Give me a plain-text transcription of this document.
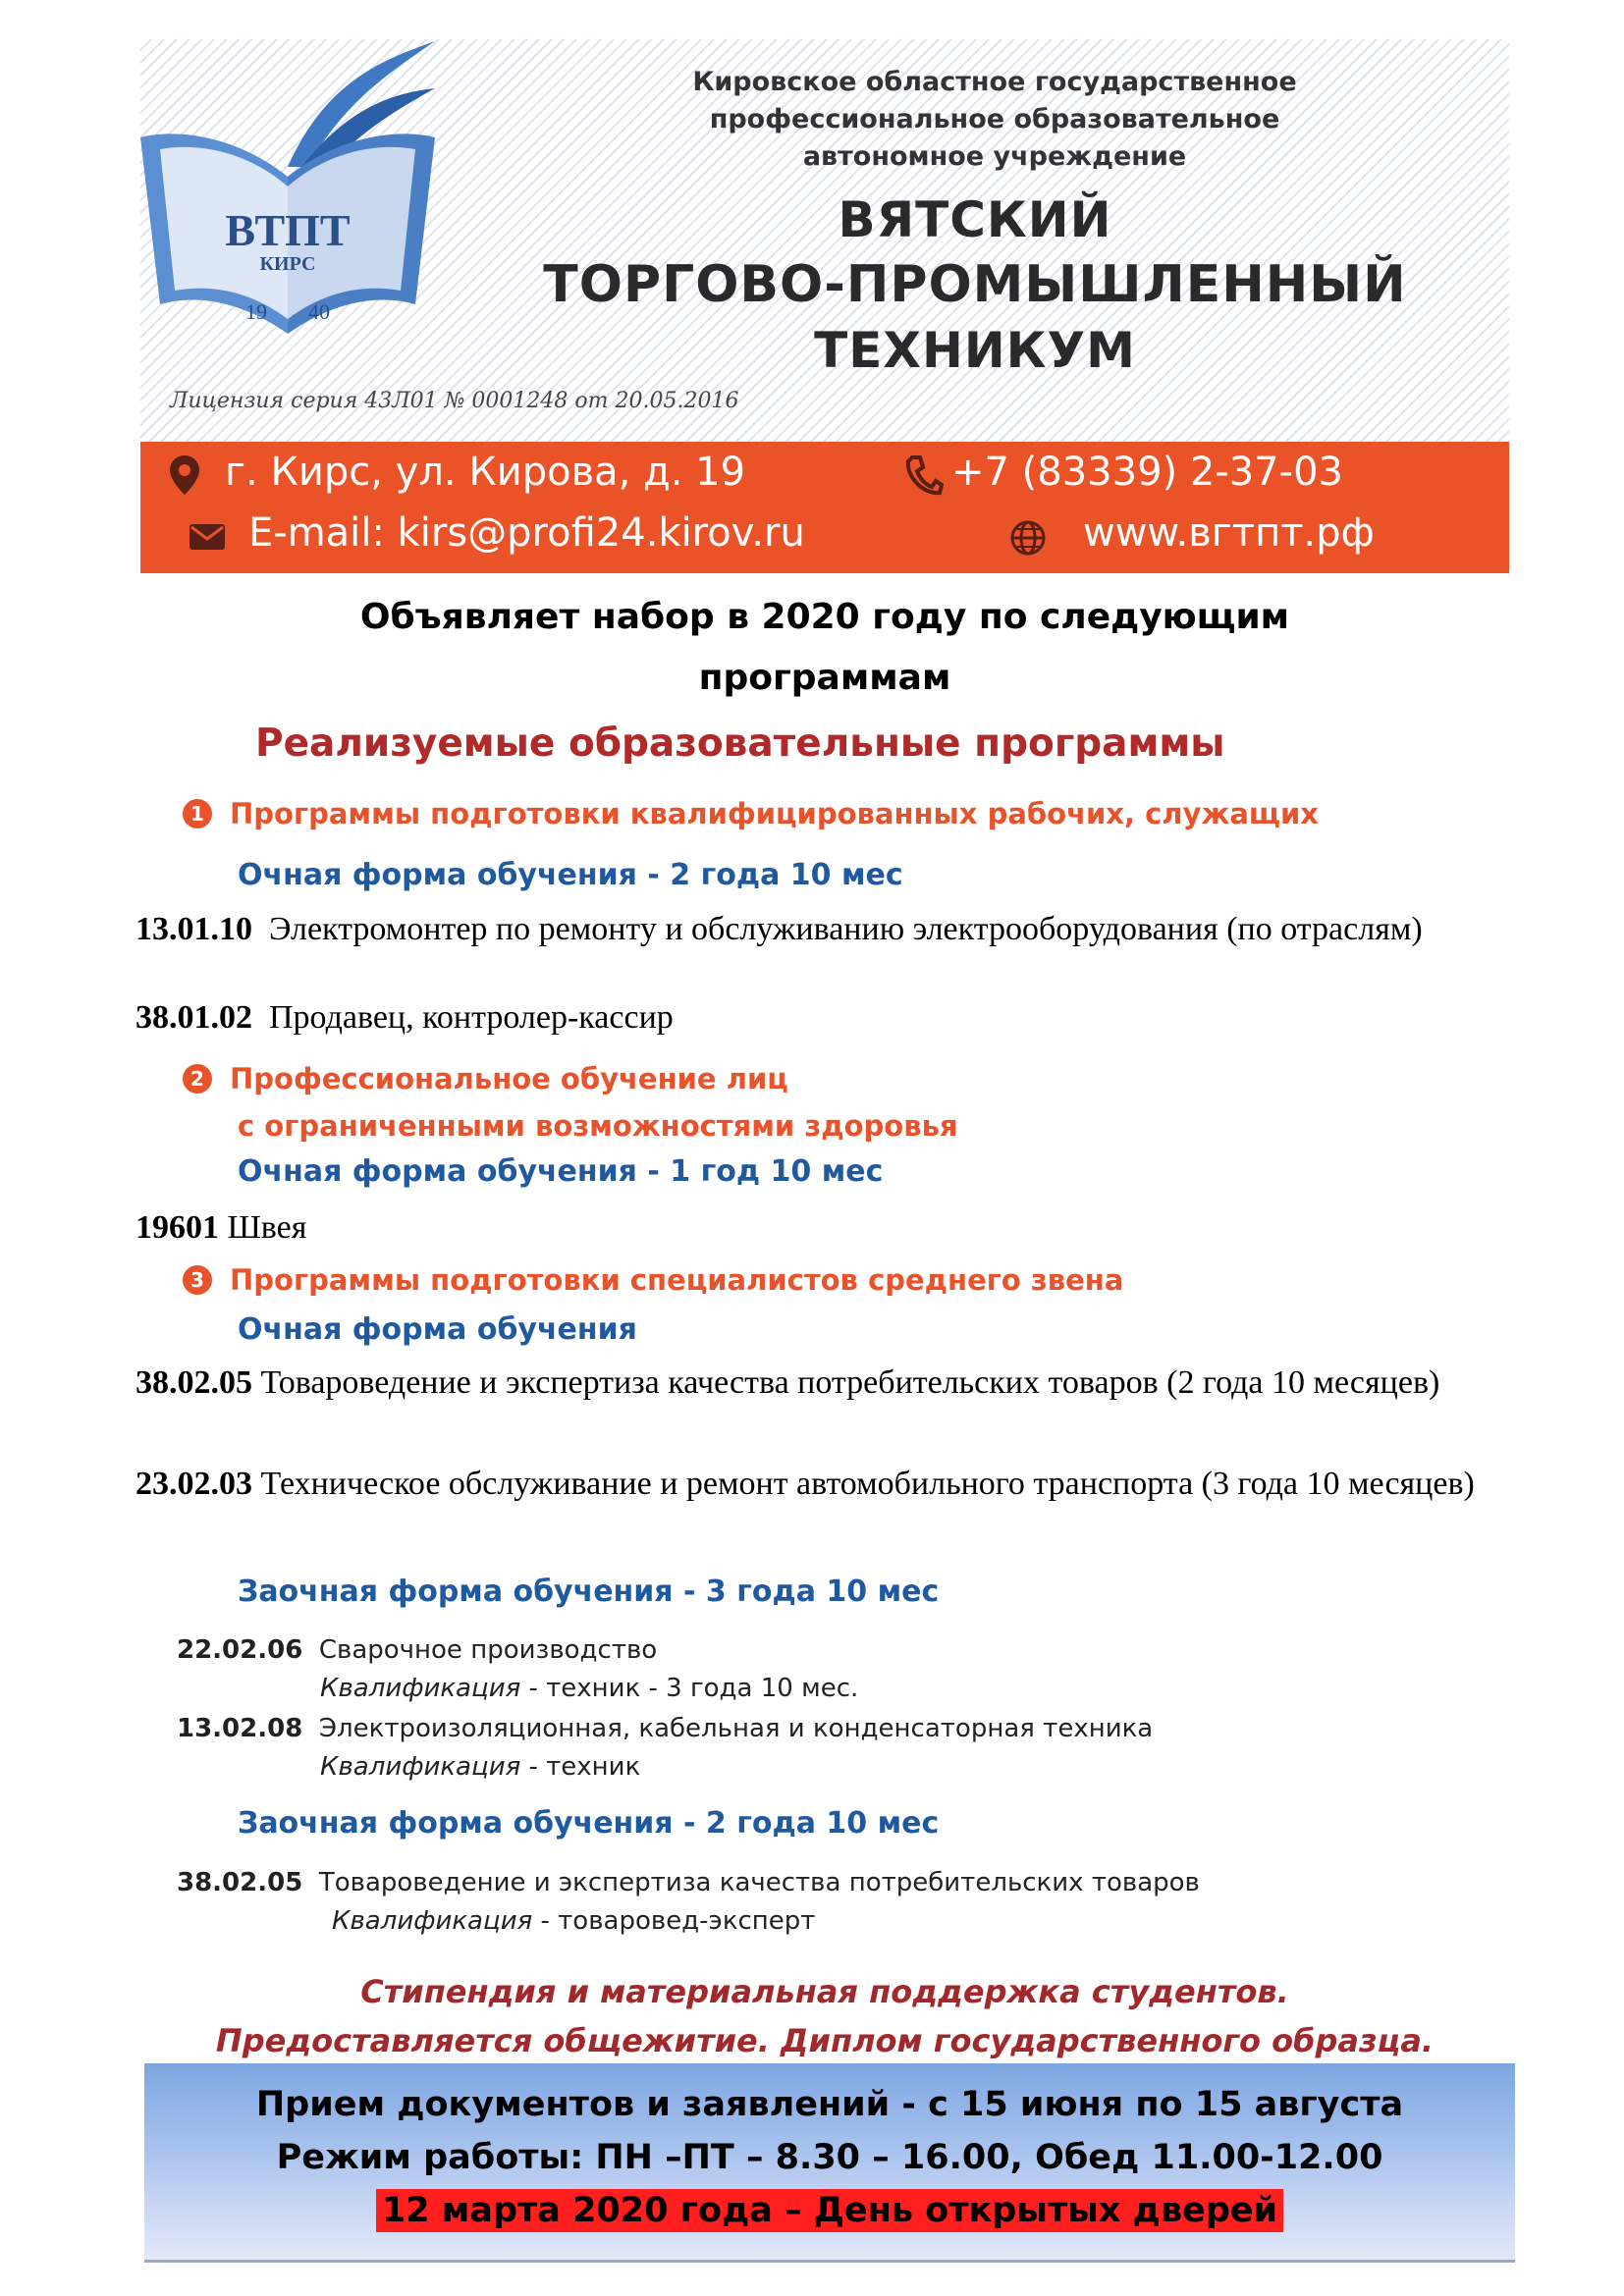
ВТПТ
КИРС
19 40
Кировское областное государственное
профессиональное образовательное
автономное учреждение
ВЯТСКИЙ
ТОРГОВО-ПРОМЫШЛЕННЫЙ
ТЕХНИКУМ
Лицензия серия 43Л01 № 0001248 от 20.05.2016
г. Кирс, ул. Кирова, д. 19	+7 (83339) 2-37-03
E-mail: kirs@profi24.kirov.ru	www.вгтпт.рф
Объявляет набор в 2020 году по следующим
программам
Реализуемые образовательные программы
1 Программы подготовки квалифицированных рабочих, служащих
Очная форма обучения - 2 года 10 мес
13.01.10 Электромонтер по ремонту и обслуживанию электрооборудования (по отраслям)
38.01.02 Продавец, контролер-кассир
2 Профессиональное обучение лиц
с ограниченными возможностями здоровья
Очная форма обучения - 1 год 10 мес
19601 Швея
3 Программы подготовки специалистов среднего звена
Очная форма обучения
38.02.05 Товароведение и экспертиза качества потребительских товаров (2 года 10 месяцев)
23.02.03 Техническое обслуживание и ремонт автомобильного транспорта (3 года 10 месяцев)
Заочная форма обучения - 3 года 10 мес
22.02.06 Сварочное производство
Квалификация - техник - 3 года 10 мес.
13.02.08 Электроизоляционная, кабельная и конденсаторная техника
Квалификация - техник
Заочная форма обучения - 2 года 10 мес
38.02.05 Товароведение и экспертиза качества потребительских товаров
Квалификация - товаровед-эксперт
Стипендия и материальная поддержка студентов.
Предоставляется общежитие. Диплом государственного образца.
Прием документов и заявлений - с 15 июня по 15 августа
Режим работы: ПН –ПТ – 8.30 – 16.00, Обед 11.00-12.00
12 марта 2020 года – День открытых дверей
